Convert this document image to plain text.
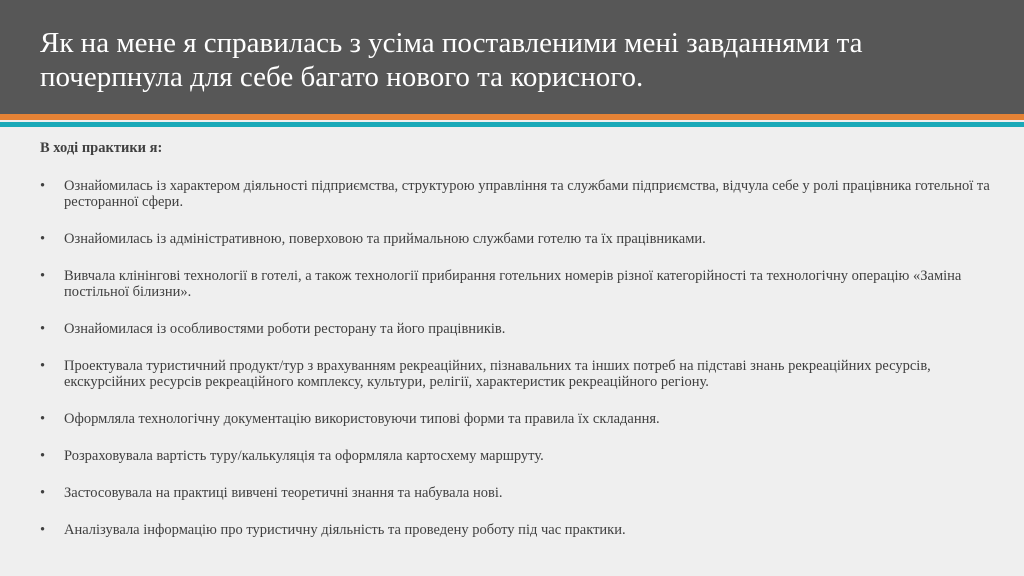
Як на мене я справилась з усіма поставленими мені завданнями та почерпнула для себе багато нового та корисного.

В ході практики я:

• Ознайомилась із характером діяльності підприємства, структурою управління та службами підприємства, відчула себе у ролі працівника готельної та ресторанної сфери.
• Ознайомилась із адміністративною, поверховою та приймальною службами готелю та їх працівниками.
• Вивчала клінінгові технології в готелі, а також технології прибирання готельних номерів різної категорійності та технологічну операцію «Заміна постільної білизни».
• Ознайомилася із особливостями роботи ресторану та його працівників.
• Проектувала туристичний продукт/тур з врахуванням рекреаційних, пізнавальних та інших потреб на підставі знань рекреаційних ресурсів, екскурсійних ресурсів рекреаційного комплексу, культури, релігії, характеристик рекреаційного регіону.
• Оформляла технологічну документацію використовуючи типові форми та правила їх складання.
• Розраховувала вартість туру/калькуляція та оформляла картосхему маршруту.
• Застосовувала на практиці вивчені теоретичні знання та набувала нові.
• Аналізувала інформацію про туристичну діяльність та проведену роботу під час практики.
